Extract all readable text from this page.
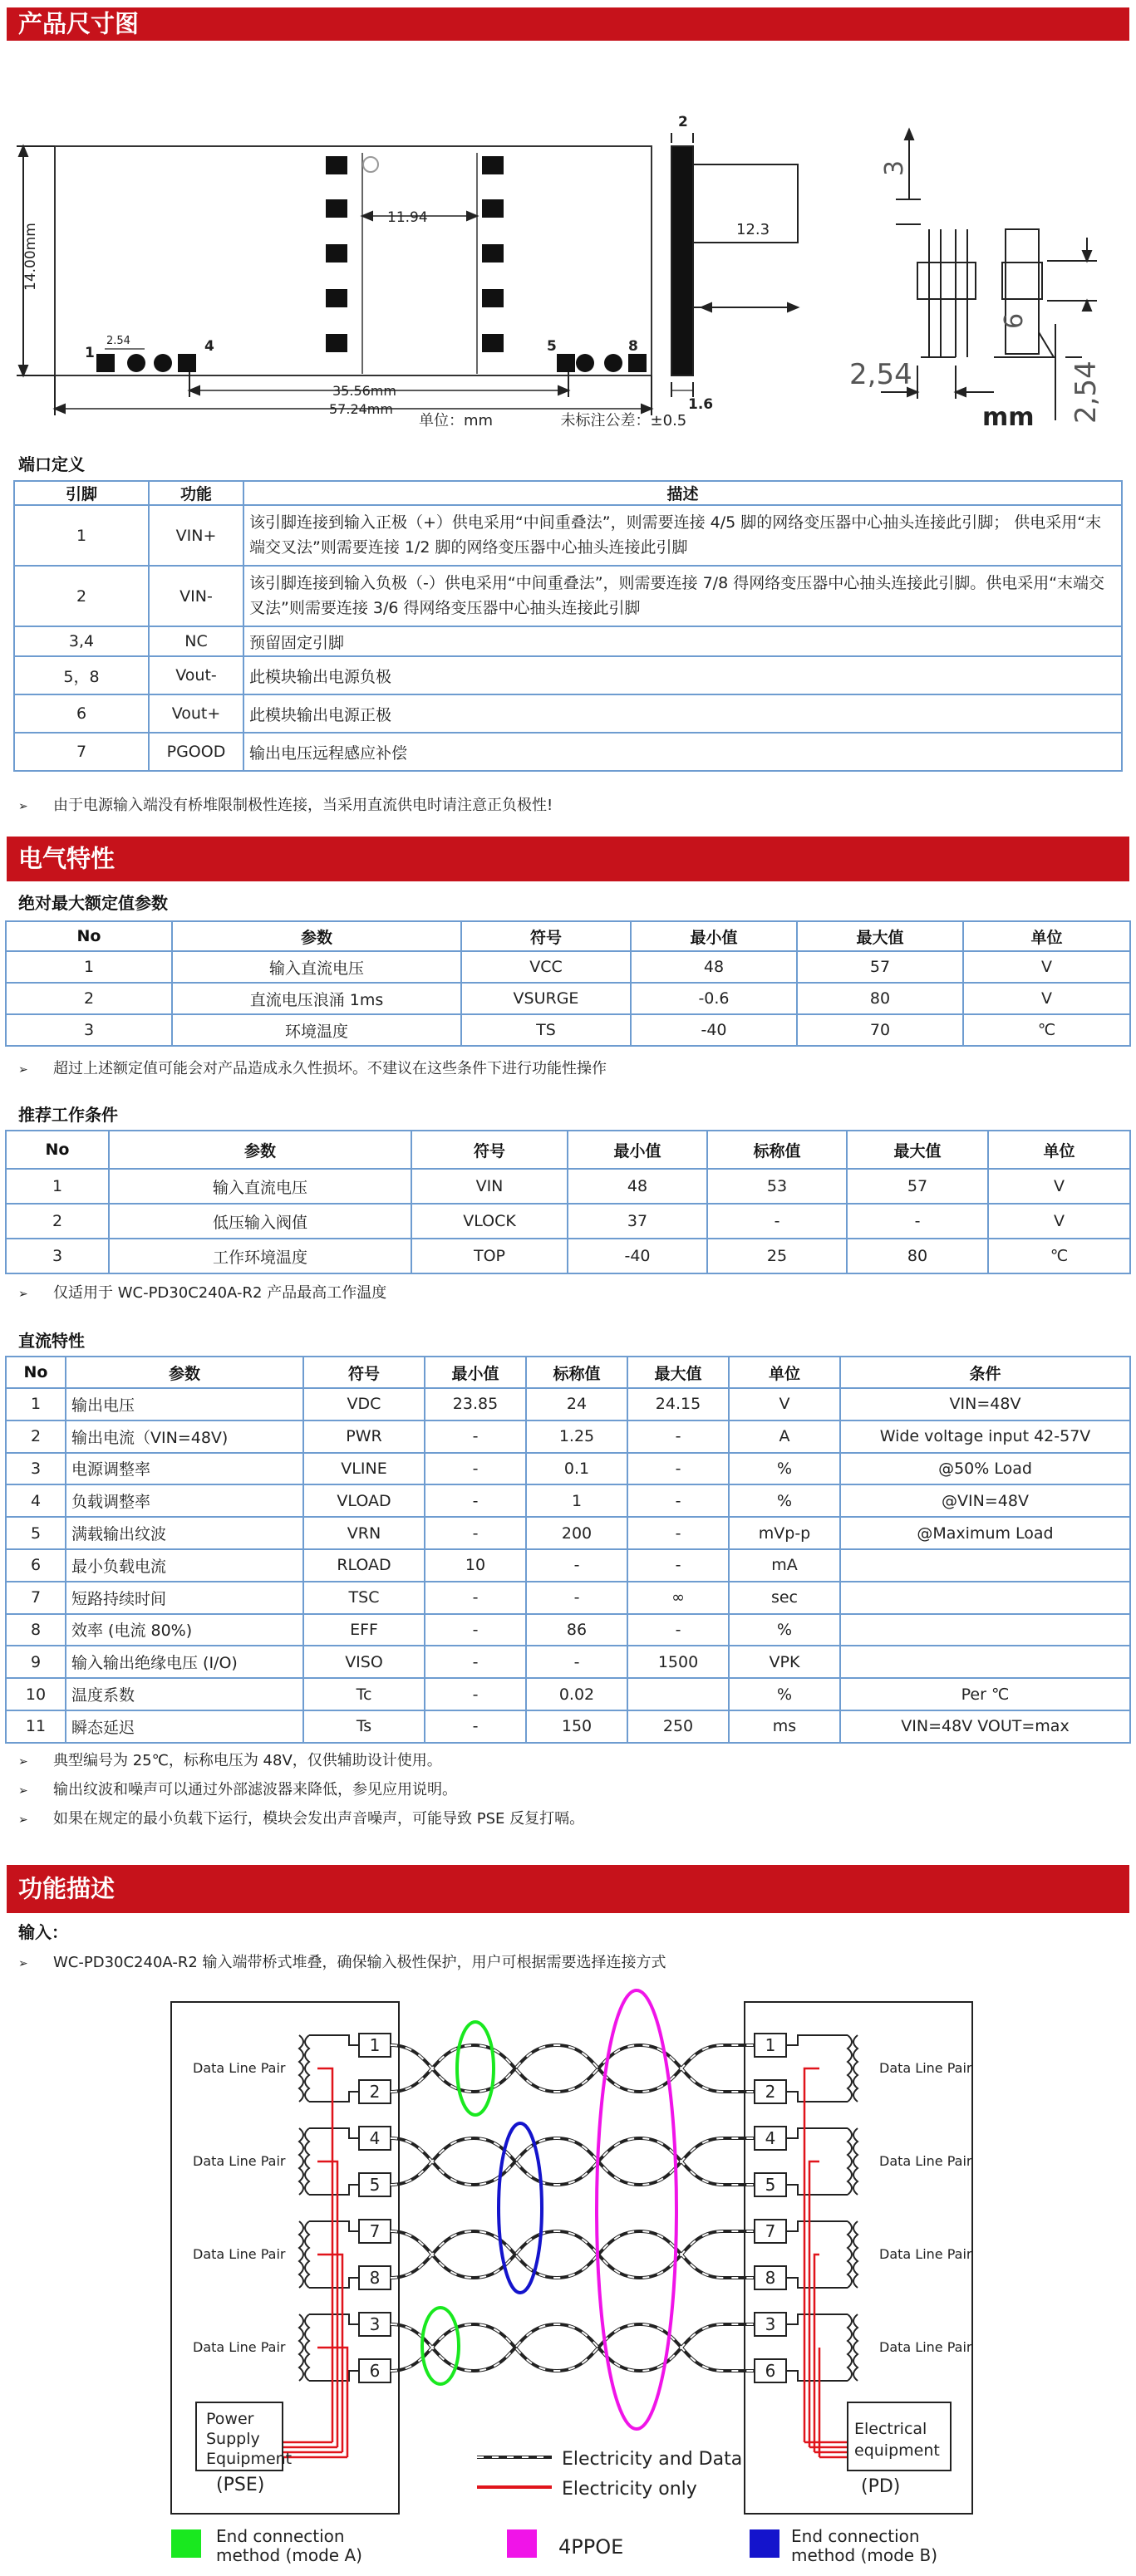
产品尺寸图
1	4	5	8
2.54
14.00mm
11.94
35.56mm
57.24mm
2
12.3
1.6
3
6
2,54	2,54
mm
单位：mm	未标注公差：±0.5
端口定义
引脚	功能	描述
1	VIN+	该引脚连接到输入正极（+）供电采用“中间重叠法”，则需要连接 4/5 脚的网络变压器中心抽头连接此引脚； 供电采用“末端交叉法”则需要连接 1/2 脚的网络变压器中心抽头连接此引脚
2	VIN-	该引脚连接到输入负极（-）供电采用“中间重叠法”，则需要连接 7/8 得网络变压器中心抽头连接此引脚。供电采用“末端交叉法”则需要连接 3/6 得网络变压器中心抽头连接此引脚
3,4	NC	预留固定引脚
5，8	Vout-	此模块输出电源负极
6	Vout+	此模块输出电源正极
7	PGOOD	输出电压远程感应补偿
➢ 由于电源输入端没有桥堆限制极性连接，当采用直流供电时请注意正负极性!
电气特性
绝对最大额定值参数
No	参数	符号	最小值	最大值	单位
1	输入直流电压	VCC	48	57	V
2	直流电压浪涌 1ms	VSURGE	-0.6	80	V
3	环境温度	TS	-40	70	℃
➢ 超过上述额定值可能会对产品造成永久性损坏。不建议在这些条件下进行功能性操作
推荐工作条件
No	参数	符号	最小值	标称值	最大值	单位
1	输入直流电压	VIN	48	53	57	V
2	低压输入阀值	VLOCK	37	-	-	V
3	工作环境温度	TOP	-40	25	80	℃
➢ 仅适用于 WC-PD30C240A-R2 产品最高工作温度
直流特性
No	参数	符号	最小值	标称值	最大值	单位	条件
1	输出电压	VDC	23.85	24	24.15	V	VIN=48V
2	输出电流（VIN=48V)	PWR	-	1.25	-	A	Wide voltage input 42-57V
3	电源调整率	VLINE	-	0.1	-	%	@50% Load
4	负载调整率	VLOAD	-	1	-	%	@VIN=48V
5	满载输出纹波	VRN	-	200	-	mVp-p	@Maximum Load
6	最小负载电流	RLOAD	10	-	-	mA	
7	短路持续时间	TSC	-	-	∞	sec	
8	效率 (电流 80%)	EFF	-	86	-	%	
9	输入输出绝缘电压 (I/O)	VISO	-	-	1500	VPK	
10	温度系数	Tc	-	0.02		%	Per ℃
11	瞬态延迟	Ts	-	150	250	ms	VIN=48V VOUT=max
➢ 典型编号为 25℃，标称电压为 48V，仅供辅助设计使用。
➢ 输出纹波和噪声可以通过外部滤波器来降低，参见应用说明。
➢ 如果在规定的最小负载下运行，模块会发出声音噪声，可能导致 PSE 反复打嗝。
功能描述
输入：
➢ WC-PD30C240A-R2 输入端带桥式堆叠，确保输入极性保护，用户可根据需要选择连接方式
1
2
4
5
7
8
3
6
1
2
4
5
7
8
3
6
Data Line Pair
Data Line Pair
Data Line Pair
Data Line Pair
Data Line Pair
Data Line Pair
Data Line Pair
Data Line Pair
Power
Supply
Equipment
(PSE)
Electrical
equipment
(PD)
Electricity and Data
Electricity only
End connection
method (mode A)	4PPOE	End connection
method (mode B)
